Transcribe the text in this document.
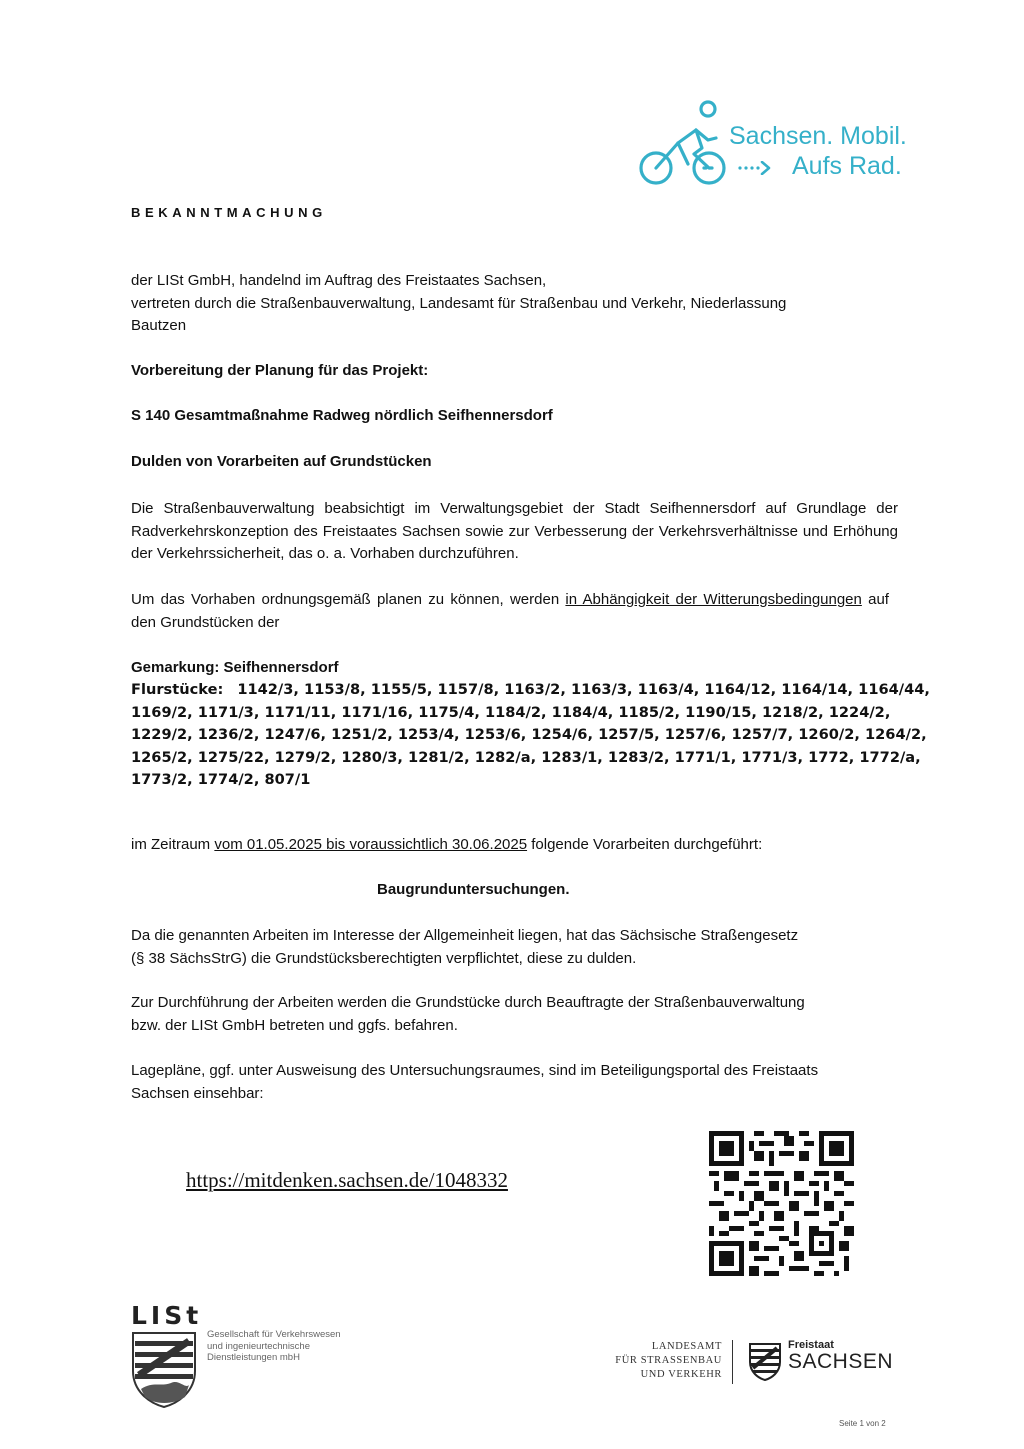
Sachsen. Mobil.
Aufs Rad.
BEKANNTMACHUNG
der LISt GmbH, handelnd im Auftrag des Freistaates Sachsen,
vertreten durch die Straßenbauverwaltung, Landesamt für Straßenbau und Verkehr, Niederlassung
Bautzen
Vorbereitung der Planung für das Projekt:
S 140 Gesamtmaßnahme Radweg nördlich Seifhennersdorf
Dulden von Vorarbeiten auf Grundstücken
Die Straßenbauverwaltung beabsichtigt im Verwaltungsgebiet der Stadt Seifhennersdorf auf Grundlage der Radverkehrskonzeption des Freistaates Sachsen sowie zur Verbesserung der Verkehrsverhältnisse und Erhöhung der Verkehrssicherheit, das o. a. Vorhaben durchzuführen.
Um das Vorhaben ordnungsgemäß planen zu können, werden in Abhängigkeit der Witterungsbedingungen auf den Grundstücken der
Gemarkung: Seifhennersdorf
Flurstücke: 1142/3, 1153/8, 1155/5, 1157/8, 1163/2, 1163/3, 1163/4, 1164/12, 1164/14, 1164/44, 1169/2, 1171/3, 1171/11, 1171/16, 1175/4, 1184/2, 1184/4, 1185/2, 1190/15, 1218/2, 1224/2, 1229/2, 1236/2, 1247/6, 1251/2, 1253/4, 1253/6, 1254/6, 1257/5, 1257/6, 1257/7, 1260/2, 1264/2, 1265/2, 1275/22, 1279/2, 1280/3, 1281/2, 1282/a, 1283/1, 1283/2, 1771/1, 1771/3, 1772, 1772/a, 1773/2, 1774/2, 807/1
im Zeitraum vom 01.05.2025 bis voraussichtlich 30.06.2025 folgende Vorarbeiten durchgeführt:
Baugrunduntersuchungen.
Da die genannten Arbeiten im Interesse der Allgemeinheit liegen, hat das Sächsische Straßengesetz
(§ 38 SächsStrG) die Grundstücksberechtigten verpflichtet, diese zu dulden.
Zur Durchführung der Arbeiten werden die Grundstücke durch Beauftragte der Straßenbauverwaltung
bzw. der LISt GmbH betreten und ggfs. befahren.
Lagepläne, ggf. unter Ausweisung des Untersuchungsraumes, sind im Beteiligungsportal des Freistaats
Sachsen einsehbar:
https://mitdenken.sachsen.de/1048332
LISt
Gesellschaft für Verkehrswesen
und ingenieurtechnische
Dienstleistungen mbH
LANDESAMT
FÜR STRASSENBAU
UND VERKEHR
Freistaat
SACHSEN
Seite 1 von 2
